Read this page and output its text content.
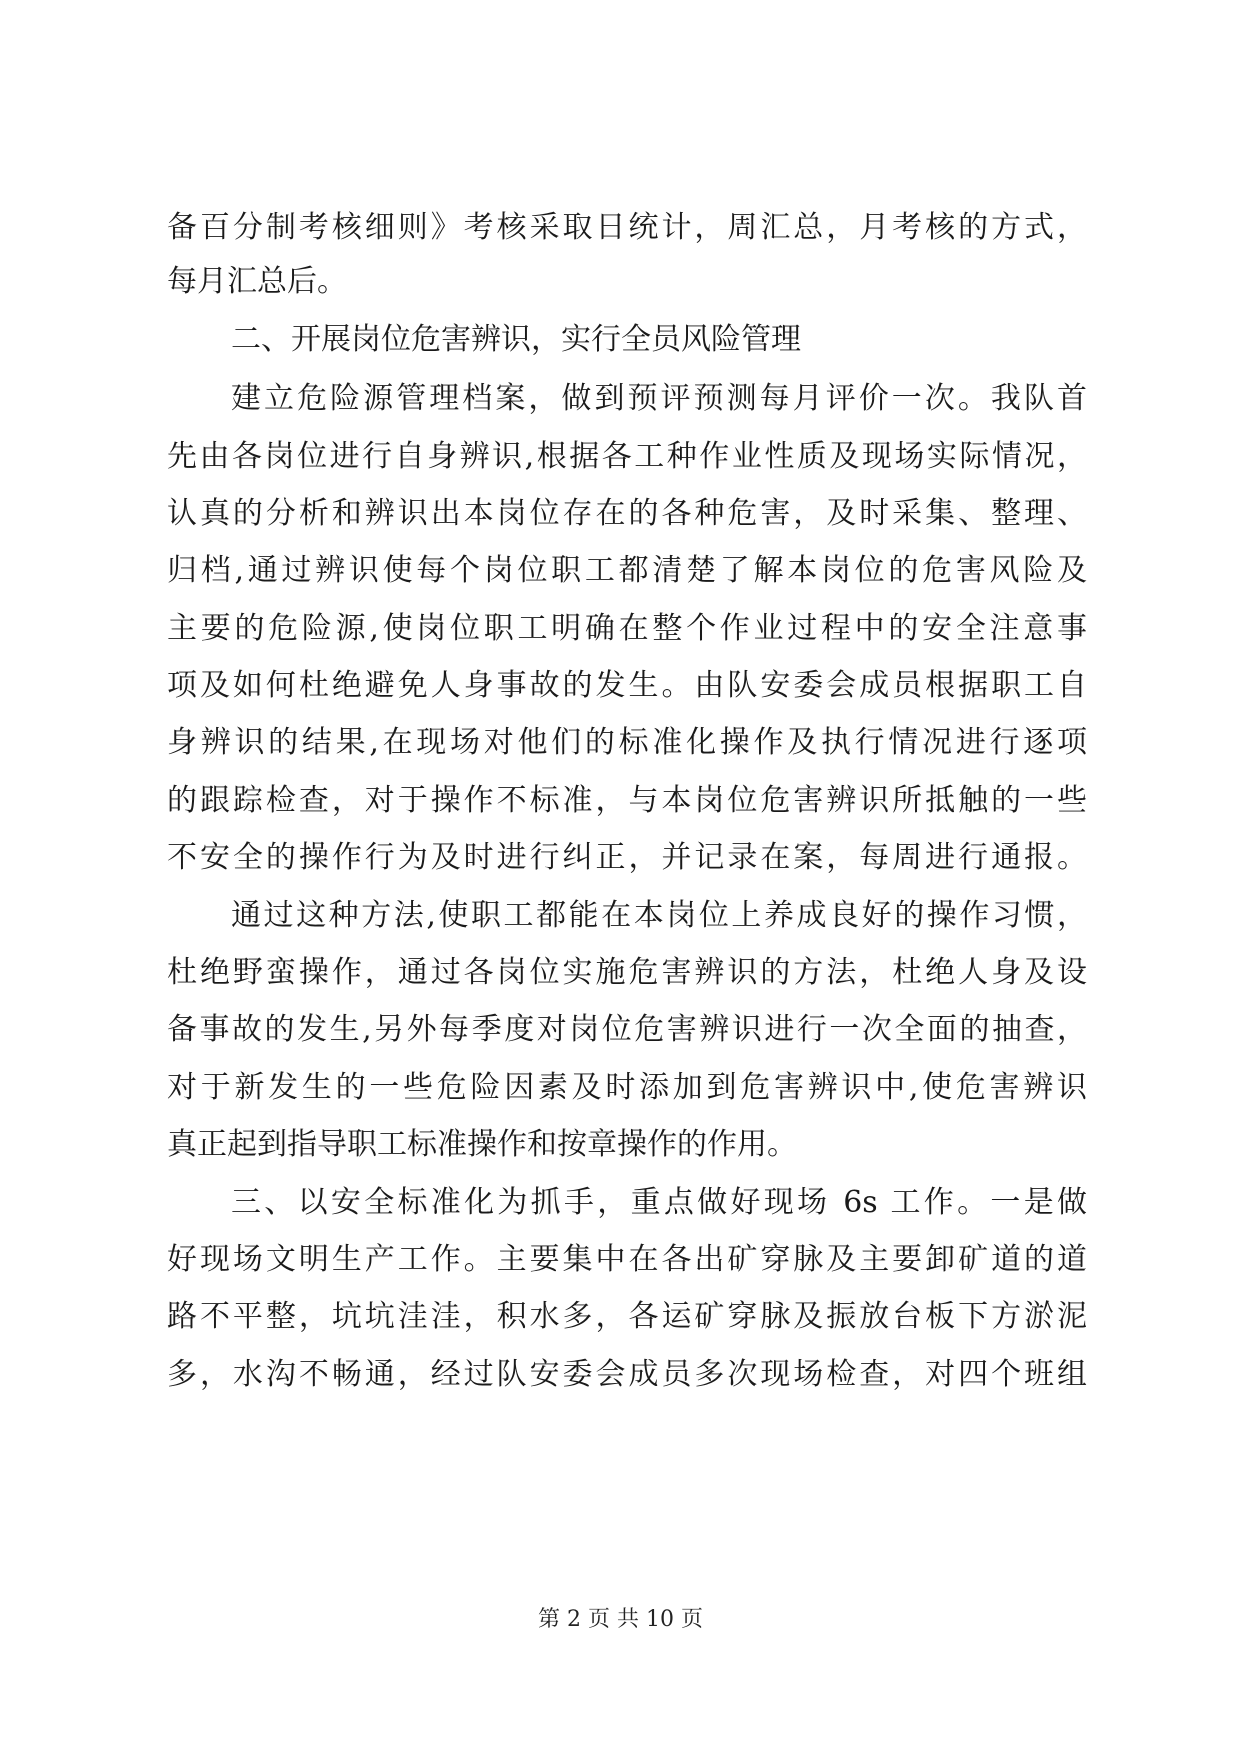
备百分制考核细则》考核采取日统计，周汇总，月考核的方式，
每月汇总后。
二、开展岗位危害辨识，实行全员风险管理
建立危险源管理档案，做到预评预测每月评价一次。我队首
先由各岗位进行自身辨识,根据各工种作业性质及现场实际情况，
认真的分析和辨识出本岗位存在的各种危害，及时采集、整理、
归档,通过辨识使每个岗位职工都清楚了解本岗位的危害风险及
主要的危险源,使岗位职工明确在整个作业过程中的安全注意事
项及如何杜绝避免人身事故的发生。由队安委会成员根据职工自
身辨识的结果,在现场对他们的标准化操作及执行情况进行逐项
的跟踪检查，对于操作不标准，与本岗位危害辨识所抵触的一些
不安全的操作行为及时进行纠正，并记录在案，每周进行通报。
通过这种方法,使职工都能在本岗位上养成良好的操作习惯，
杜绝野蛮操作，通过各岗位实施危害辨识的方法，杜绝人身及设
备事故的发生,另外每季度对岗位危害辨识进行一次全面的抽查，
对于新发生的一些危险因素及时添加到危害辨识中,使危害辨识
真正起到指导职工标准操作和按章操作的作用。
三、以安全标准化为抓手，重点做好现场 6s 工作。一是做
好现场文明生产工作。主要集中在各出矿穿脉及主要卸矿道的道
路不平整，坑坑洼洼，积水多，各运矿穿脉及振放台板下方淤泥
多，水沟不畅通，经过队安委会成员多次现场检查，对四个班组
第 2 页 共 10 页
